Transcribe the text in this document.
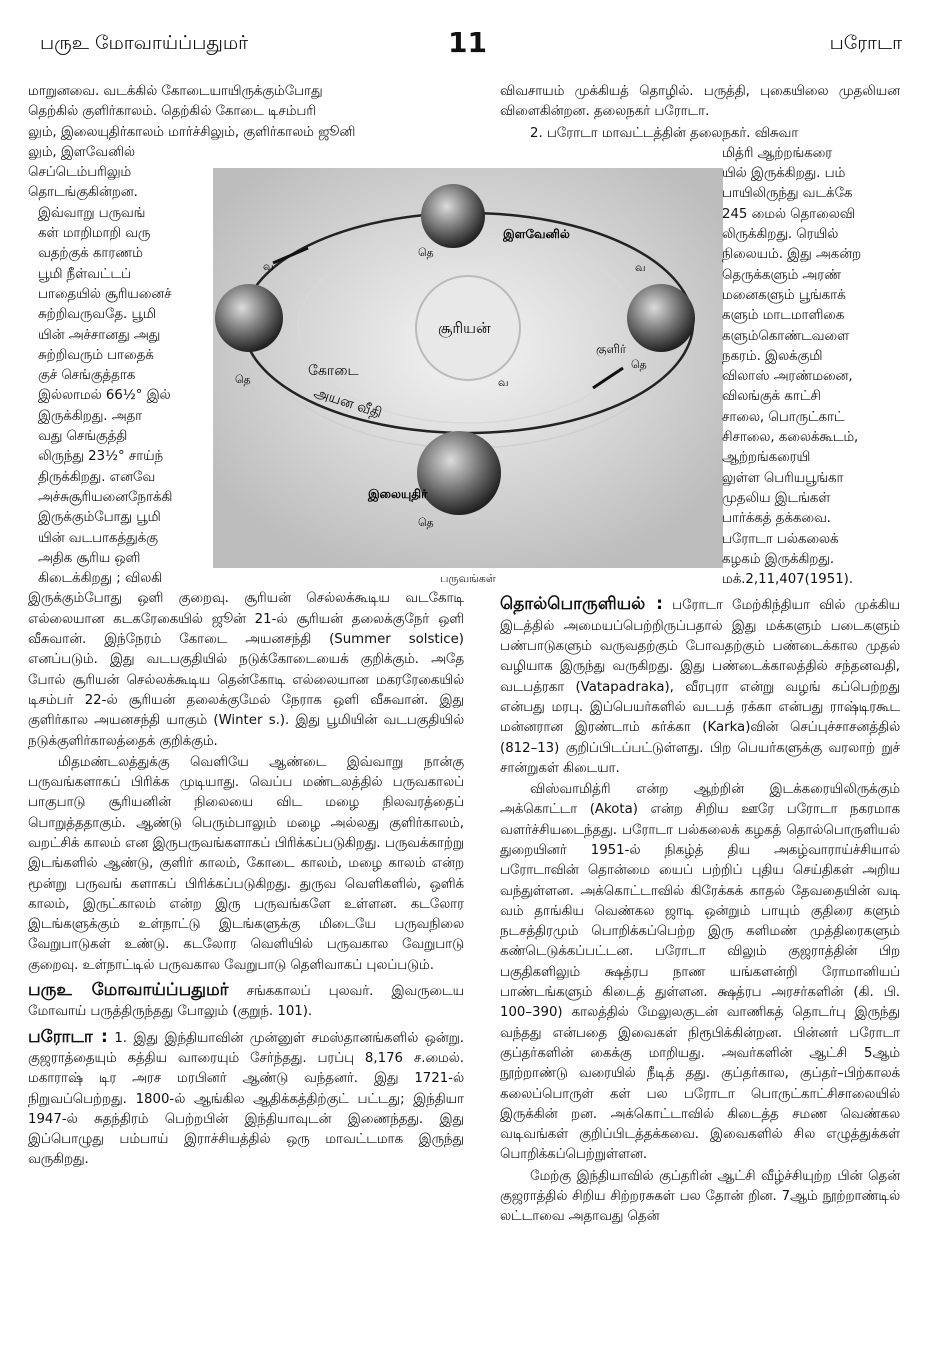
பருஉ மோவாய்ப்பதுமர்	11	பரோடா
மாறுனவை. வடக்கில் கோடையாயிருக்கும்போது
தெற்கில் குளிர்காலம். தெற்கில் கோடை டிசம்பரி
லும், இலையுதிர்காலம் மார்ச்சிலும், குளிர்காலம் ஜூனி
லும், இளவேனில்
செப்டெம்பரிலும்
தொடங்குகின்றன.
இவ்வாறு பருவங்
கள் மாறிமாறி வரு
வதற்குக் காரணம்
பூமி நீள்வட்டப்
பாதையில் சூரியனைச்
சுற்றிவருவதே. பூமி
யின் அச்சானது அது
சுற்றிவரும் பாதைக்
குச் செங்குத்தாக
இல்லாமல் 66½° இல்
இருக்கிறது. அதா
வது செங்குத்தி
லிருந்து 23½° சாய்ந்
திருக்கிறது. எனவே
அச்சுசூரியனைநோக்கி
இருக்கும்போது பூமி
யின் வடபாகத்துக்கு
அதிக சூரிய ஒளி
கிடைக்கிறது ; விலகி

இருக்கும்போது ஒளி குறைவு. சூரியன் செல்லக்கூடிய வடகோடி எல்லையான கடகரேகையில் ஜூன் 21-ல் சூரியன் தலைக்குநேர் ஒளி வீசுவான். இந்நேரம் கோடை அயனசந்தி (Summer solstice) எனப்படும். இது வடபகுதியில் நடுக்கோடையைக் குறிக்கும். அதே போல் சூரியன் செல்லக்கூடிய தென்கோடி எல்லையான மகரரேகையில் டிசம்பர் 22-ல் சூரியன் தலைக்குமேல் நேராக ஒளி வீசுவான். இது குளிர்கால அயனசந்தி யாகும் (Winter s.). இது பூமியின் வடபகுதியில் நடுக்குளிர்காலத்தைக் குறிக்கும்.

மிதமண்டலத்துக்கு வெளியே ஆண்டை இவ்வாறு நான்கு பருவங்களாகப் பிரிக்க முடியாது. வெப்ப மண்டலத்தில் பருவகாலப் பாகுபாடு சூரியனின் நிலையை விட மழை நிலவரத்தைப் பொறுத்ததாகும். ஆண்டு பெரும்பாலும் மழை அல்லது குளிர்காலம், வறட்சிக் காலம் என இருபருவங்களாகப் பிரிக்கப்படுகிறது. பருவக்காற்று இடங்களில் ஆண்டு, குளிர் காலம், கோடை காலம், மழை காலம் என்ற மூன்று பருவங் களாகப் பிரிக்கப்படுகிறது. துருவ வெளிகளில், ஒளிக் காலம், இருட்காலம் என்ற இரு பருவங்களே உள்ளன. கடலோர இடங்களுக்கும் உள்நாட்டு இடங்களுக்கு மிடையே பருவநிலை வேறுபாடுகள் உண்டு. கடலோர வெளியில் பருவகால வேறுபாடு குறைவு. உள்நாட்டில் பருவகால வேறுபாடு தெளிவாகப் புலப்படும்.

பருஉ மோவாய்ப்பதுமர் சங்ககாலப் புலவர். இவருடைய மோவாய் பருத்திருந்தது போலும் (குறுந். 101).

பரோடா : 1. இது இந்தியாவின் முன்னுள் சமஸ்தானங்களில் ஒன்று. குஜராத்தையும் கத்திய வாரையும் சேர்ந்தது. பரப்பு 8,176 ச.மைல். மகாராஷ் டிர அரச மரபினர் ஆண்டு வந்தனர். இது 1721-ல் நிறுவப்பெற்றது. 1800-ல் ஆங்கில ஆதிக்கத்திற்குட் பட்டது; இந்தியா 1947-ல் சுதந்திரம் பெற்றபின் இந்தியாவுடன் இணைந்தது. இது இப்பொழுது பம்பாய் இராச்சியத்தில் ஒரு மாவட்டமாக இருந்து வருகிறது.

சூரியன்
இளவேனில்
கோடை
குளிர்
இலையுதிர்
அயன வீதி
தெ
வ
தெ
வ
தெ
வ
தெ
பருவங்கள்

விவசாயம் முக்கியத் தொழில். பருத்தி, புகையிலை முதலியன விளைகின்றன. தலைநகர் பரோடா.

2. பரோடா மாவட்டத்தின் தலைநகர். விசுவா
மித்ரி ஆற்றங்கரை
யில் இருக்கிறது. பம்
பாயிலிருந்து வடக்கே
245 மைல் தொலைவி
லிருக்கிறது. ரெயில்
நிலையம். இது அகன்ற
தெருக்களும் அரண்
மனைகளும் பூங்காக்
களும் மாடமாளிகை
களும்கொண்டவளை
நகரம். இலக்குமி
விலாஸ் அரண்மனை,
விலங்குக் காட்சி
சாலை, பொருட்காட்
சிசாலை, கலைக்கூடம்,
ஆற்றங்கரையி
லுள்ள பெரியபூங்கா
முதலிய இடங்கள்
பார்க்கத் தக்கவை.
பரோடா பல்கலைக்
கழகம் இருக்கிறது.
மக்.2,11,407(1951).

தொல்பொருளியல் : பரோடா மேற்கிந்தியா வில் முக்கிய இடத்தில் அமையப்பெற்றிருப்பதால் இது மக்களும் படைகளும் பண்பாடுகளும் வருவதற்கும் போவதற்கும் பண்டைக்கால முதல் வழியாக இருந்து வருகிறது. இது பண்டைக்காலத்தில் சந்தனவதி, வடபத்ரகா (Vatapadraka), வீரபுரா என்று வழங் கப்பெற்றது என்பது மரபு. இப்பெயர்களில் வடபத் ரக்கா என்பது ராஷ்டிரகூட மன்னரான இரண்டாம் கர்க்கா (Karka)வின் செப்புச்சாசனத்தில் (812–13) குறிப்பிடப்பட்டுள்ளது. பிற பெயர்களுக்கு வரலாற் றுச் சான்றுகள் கிடையா.

விஸ்வாமித்ரி என்ற ஆற்றின் இடக்கரையிலிருக்கும் அக்கொட்டா (Akota) என்ற சிறிய ஊரே பரோடா நகரமாக வளர்ச்சியடைந்தது. பரோடா பல்கலைக் கழகத் தொல்பொருளியல் துறையினர் 1951-ல் நிகழ்த் திய அகழ்வாராய்ச்சியால் பரோடாவின் தொன்மை யைப் பற்றிப் புதிய செய்திகள் அறிய வந்துள்ளன. அக்கொட்டாவில் கிரேக்கக் காதல் தேவதையின் வடி வம் தாங்கிய வெண்கல ஜாடி ஒன்றும் பாயும் குதிரை களும் நடசத்திரமும் பொறிக்கப்பெற்ற இரு களிமண் முத்திரைகளும் கண்டெடுக்கப்பட்டன. பரோடா விலும் குஜராத்தின் பிற பகுதிகளிலும் க்ஷத்ரப நாண யங்களன்றி ரோமானியப் பாண்டங்களும் கிடைத் துள்ளன. க்ஷத்ரப அரசர்களின் (கி. பி. 100–390) காலத்தில் மேலுலகுடன் வாணிகத் தொடர்பு இருந்து வந்தது என்பதை இவைகள் நிரூபிக்கின்றன. பின்னர் பரோடா குப்தர்களின் கைக்கு மாறியது. அவர்களின் ஆட்சி 5ஆம் நூற்றாண்டு வரையில் நீடித் தது. குப்தர்கால, குப்தர்–பிற்காலக் கலைப்பொருள் கள் பல பரோடா பொருட்காட்சிசாலையில் இருக்கின் றன. அக்கொட்டாவில் கிடைத்த சமண வெண்கல வடிவங்கள் குறிப்பிடத்தக்கவை. இவைகளில் சில எழுத்துக்கள் பொறிக்கப்பெற்றுள்ளன.

மேற்கு இந்தியாவில் குப்தரின் ஆட்சி வீழ்ச்சியுற்ற பின் தென் குஜராத்தில் சிறிய சிற்றரசுகள் பல தோன் றின. 7ஆம் நூற்றாண்டில் லட்டாவை அதாவது தென்
